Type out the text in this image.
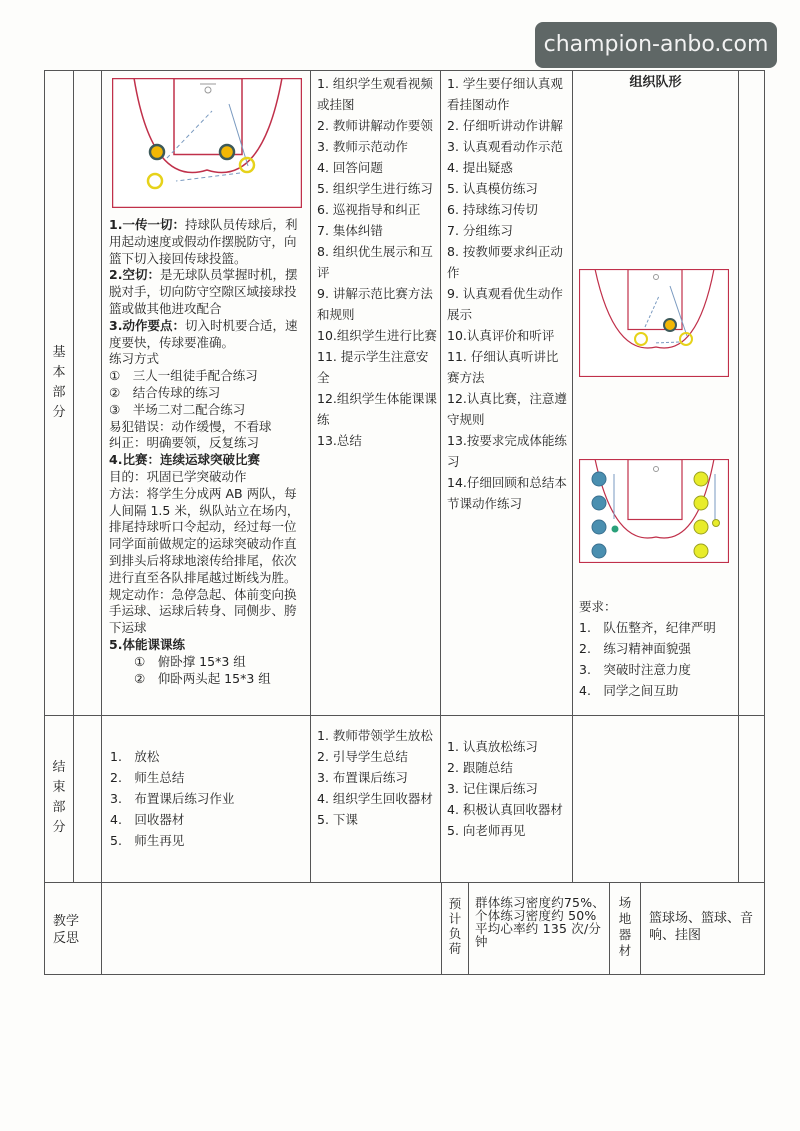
champion-anbo.com
基
本
部
分
1.一传一切：持球队员传球后，利用起动速度或假动作摆脱防守，向篮下切入接回传球投篮。
2.空切：是无球队员掌握时机，摆脱对手，切向防守空隙区域接球投篮或做其他进攻配合
3.动作要点：切入时机要合适，速度要快，传球要准确。
练习方式
①　三人一组徒手配合练习
②　结合传球的练习
③　半场二对二配合练习
易犯错误：动作缓慢，不看球
纠正：明确要领，反复练习
4.比赛：连续运球突破比赛
目的：巩固已学突破动作
方法：将学生分成两 AB 两队，每人间隔 1.5 米，纵队站立在场内，排尾持球听口令起动，经过每一位同学面前做规定的运球突破动作直到排头后将球地滚传给排尾，依次进行直至各队排尾越过断线为胜。
规定动作：急停急起、体前变向换手运球、运球后转身、同侧步、胯下运球
5.体能课课练
　　①　俯卧撑 15*3 组
　　②　仰卧两头起 15*3 组
1. 组织学生观看视频或挂图
2. 教师讲解动作要领
3. 教师示范动作
4. 回答问题
5. 组织学生进行练习
6. 巡视指导和纠正
7. 集体纠错
8. 组织优生展示和互评
9. 讲解示范比赛方法和规则
10.组织学生进行比赛
11. 提示学生注意安全
12.组织学生体能课课练
13.总结
1. 学生要仔细认真观看挂图动作
2. 仔细听讲动作讲解
3. 认真观看动作示范
4. 提出疑惑
5. 认真模仿练习
6. 持球练习传切
7. 分组练习
8. 按教师要求纠正动作
9. 认真观看优生动作展示
10.认真评价和听评
11. 仔细认真听讲比赛方法
12.认真比赛，注意遵守规则
13.按要求完成体能练习
14.仔细回顾和总结本节课动作练习
组织队形
要求：
1.　队伍整齐，纪律严明
2.　练习精神面貌强
3.　突破时注意力度
4.　同学之间互助
结
束
部
分
1.　放松
2.　师生总结
3.　布置课后练习作业
4.　回收器材
5.　师生再见
1. 教师带领学生放松
2. 引导学生总结
3. 布置课后练习
4. 组织学生回收器材
5. 下课
1. 认真放松练习
2. 跟随总结
3. 记住课后练习
4. 积极认真回收器材
5. 向老师再见
教学反思
预
计
负
荷
群体练习密度约75%、个体练习密度约 50%
平均心率约 135 次/分钟
场
地
器
材
篮球场、篮球、音响、挂图
